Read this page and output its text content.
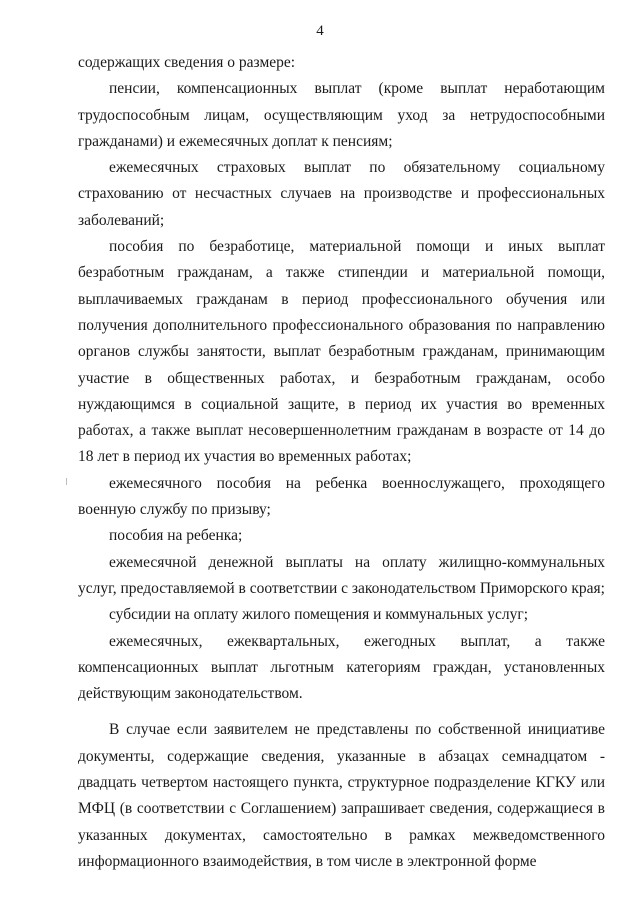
4

содержащих сведения о размере:

пенсии, компенсационных выплат (кроме выплат неработающим трудоспособным лицам, осуществляющим уход за нетрудоспособными гражданами) и ежемесячных доплат к пенсиям;

ежемесячных страховых выплат по обязательному социальному страхованию от несчастных случаев на производстве и профессиональных заболеваний;

пособия по безработице, материальной помощи и иных выплат безработным гражданам, а также стипендии и материальной помощи, выплачиваемых гражданам в период профессионального обучения или получения дополнительного профессионального образования по направлению органов службы занятости, выплат безработным гражданам, принимающим участие в общественных работах, и безработным гражданам, особо нуждающимся в социальной защите, в период их участия во временных работах, а также выплат несовершеннолетним гражданам в возрасте от 14 до 18 лет в период их участия во временных работах;

ежемесячного пособия на ребенка военнослужащего, проходящего военную службу по призыву;

пособия на ребенка;

ежемесячной денежной выплаты на оплату жилищно-коммунальных услуг, предоставляемой в соответствии с законодательством Приморского края;

субсидии на оплату жилого помещения и коммунальных услуг;

ежемесячных, ежеквартальных, ежегодных выплат, а также компенсационных выплат льготным категориям граждан, установленных действующим законодательством.

В случае если заявителем не представлены по собственной инициативе документы, содержащие сведения, указанные в абзацах семнадцатом - двадцать четвертом настоящего пункта, структурное подразделение КГКУ или МФЦ (в соответствии с Соглашением) запрашивает сведения, содержащиеся в указанных документах, самостоятельно в рамках межведомственного информационного взаимодействия, в том числе в электронной форме
